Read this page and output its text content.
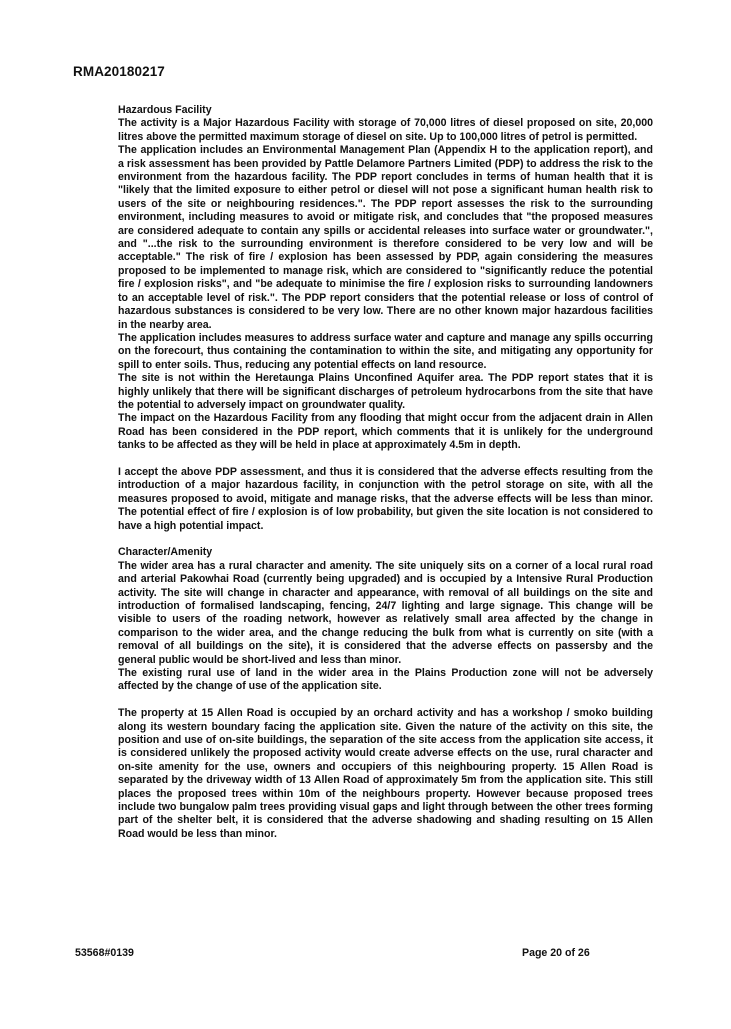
RMA20180217

Hazardous Facility

The activity is a Major Hazardous Facility with storage of 70,000 litres of diesel proposed on site, 20,000 litres above the permitted maximum storage of diesel on site. Up to 100,000 litres of petrol is permitted.

The application includes an Environmental Management Plan (Appendix H to the application report), and a risk assessment has been provided by Pattle Delamore Partners Limited (PDP) to address the risk to the environment from the hazardous facility. The PDP report concludes in terms of human health that it is "likely that the limited exposure to either petrol or diesel will not pose a significant human health risk to users of the site or neighbouring residences.". The PDP report assesses the risk to the surrounding environment, including measures to avoid or mitigate risk, and concludes that "the proposed measures are considered adequate to contain any spills or accidental releases into surface water or groundwater.", and "...the risk to the surrounding environment is therefore considered to be very low and will be acceptable." The risk of fire / explosion has been assessed by PDP, again considering the measures proposed to be implemented to manage risk, which are considered to "significantly reduce the potential fire / explosion risks", and "be adequate to minimise the fire / explosion risks to surrounding landowners to an acceptable level of risk.". The PDP report considers that the potential release or loss of control of hazardous substances is considered to be very low. There are no other known major hazardous facilities in the nearby area.

The application includes measures to address surface water and capture and manage any spills occurring on the forecourt, thus containing the contamination to within the site, and mitigating any opportunity for spill to enter soils. Thus, reducing any potential effects on land resource.

The site is not within the Heretaunga Plains Unconfined Aquifer area. The PDP report states that it is highly unlikely that there will be significant discharges of petroleum hydrocarbons from the site that have the potential to adversely impact on groundwater quality.

The impact on the Hazardous Facility from any flooding that might occur from the adjacent drain in Allen Road has been considered in the PDP report, which comments that it is unlikely for the underground tanks to be affected as they will be held in place at approximately 4.5m in depth.

I accept the above PDP assessment, and thus it is considered that the adverse effects resulting from the introduction of a major hazardous facility, in conjunction with the petrol storage on site, with all the measures proposed to avoid, mitigate and manage risks, that the adverse effects will be less than minor. The potential effect of fire / explosion is of low probability, but given the site location is not considered to have a high potential impact.

Character/Amenity

The wider area has a rural character and amenity. The site uniquely sits on a corner of a local rural road and arterial Pakowhai Road (currently being upgraded) and is occupied by a Intensive Rural Production activity. The site will change in character and appearance, with removal of all buildings on the site and introduction of formalised landscaping, fencing, 24/7 lighting and large signage. This change will be visible to users of the roading network, however as relatively small area affected by the change in comparison to the wider area, and the change reducing the bulk from what is currently on site (with a removal of all buildings on the site), it is considered that the adverse effects on passersby and the general public would be short-lived and less than minor.

The existing rural use of land in the wider area in the Plains Production zone will not be adversely affected by the change of use of the application site.

The property at 15 Allen Road is occupied by an orchard activity and has a workshop / smoko building along its western boundary facing the application site. Given the nature of the activity on this site, the position and use of on-site buildings, the separation of the site access from the application site access, it is considered unlikely the proposed activity would create adverse effects on the use, rural character and on-site amenity for the use, owners and occupiers of this neighbouring property. 15 Allen Road is separated by the driveway width of 13 Allen Road of approximately 5m from the application site. This still places the proposed trees within 10m of the neighbours property. However because proposed trees include two bungalow palm trees providing visual gaps and light through between the other trees forming part of the shelter belt, it is considered that the adverse shadowing and shading resulting on 15 Allen Road would be less than minor.

53568#0139	Page 20 of 26
